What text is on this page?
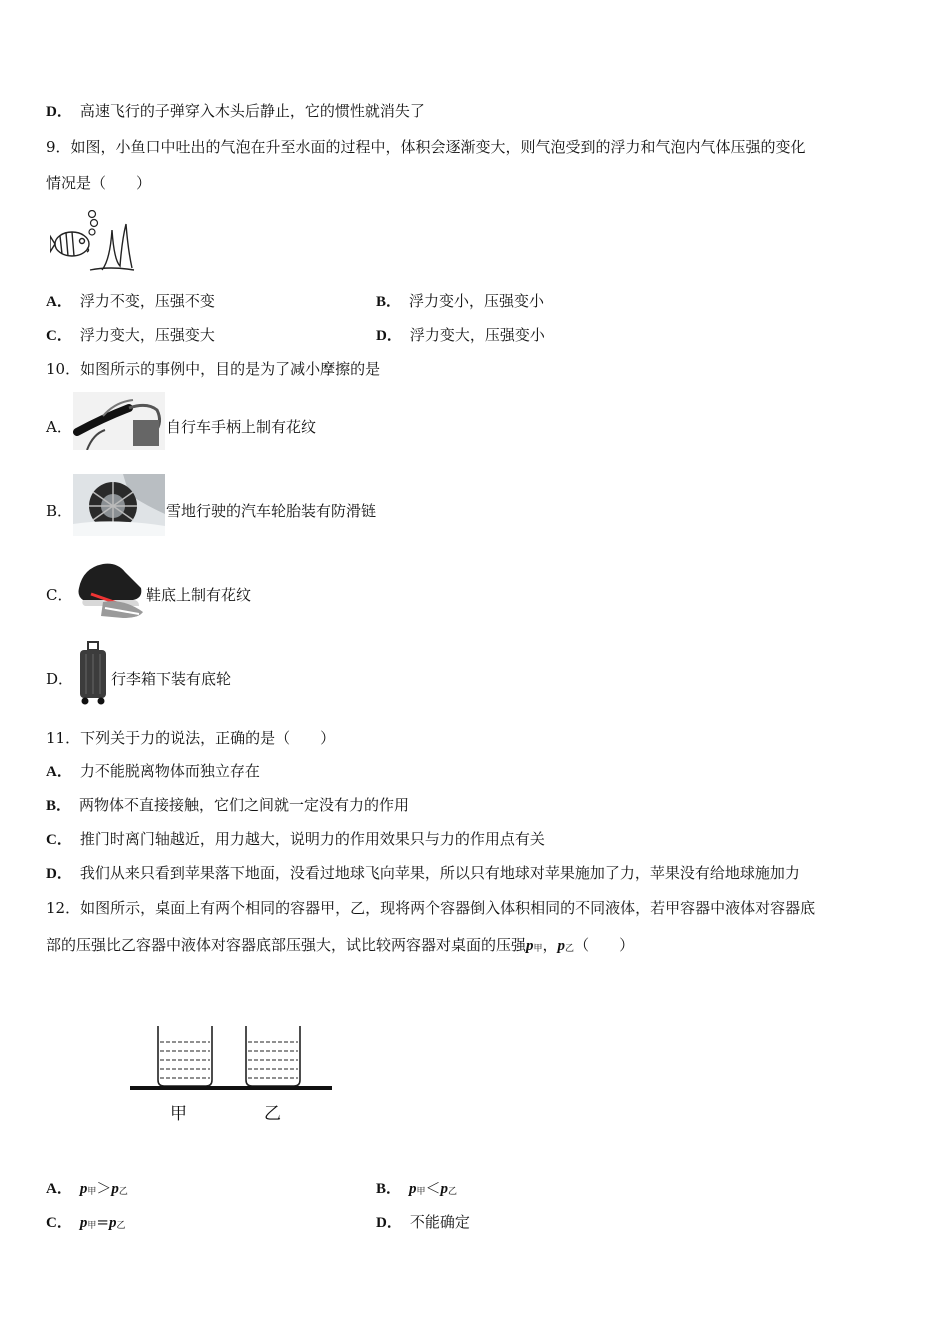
D． 高速飞行的子弹穿入木头后静止，它的惯性就消失了
9．如图，小鱼口中吐出的气泡在升至水面的过程中，体积会逐渐变大，则气泡受到的浮力和气泡内气体压强的变化
情况是（　　）
A． 浮力不变，压强不变	B． 浮力变小，压强变小
C． 浮力变大，压强变大	D． 浮力变大，压强变小
10．如图所示的事例中，目的是为了减小摩擦的是
A．	自行车手柄上制有花纹
B．	雪地行驶的汽车轮胎装有防滑链
C．	鞋底上制有花纹
D．	行李箱下装有底轮
11．下列关于力的说法，正确的是（　　）
A． 力不能脱离物体而独立存在
B． 两物体不直接接触，它们之间就一定没有力的作用
C． 推门时离门轴越近，用力越大，说明力的作用效果只与力的作用点有关
D． 我们从来只看到苹果落下地面，没看过地球飞向苹果，所以只有地球对苹果施加了力，苹果没有给地球施加力
12．如图所示，桌面上有两个相同的容器甲，乙，现将两个容器倒入体积相同的不同液体，若甲容器中液体对容器底
部的压强比乙容器中液体对容器底部压强大，试比较两容器对桌面的压强p甲，p乙（　　）
甲	乙
A． p甲＞p乙	B． p甲＜p乙
C． p甲=p乙	D． 不能确定
